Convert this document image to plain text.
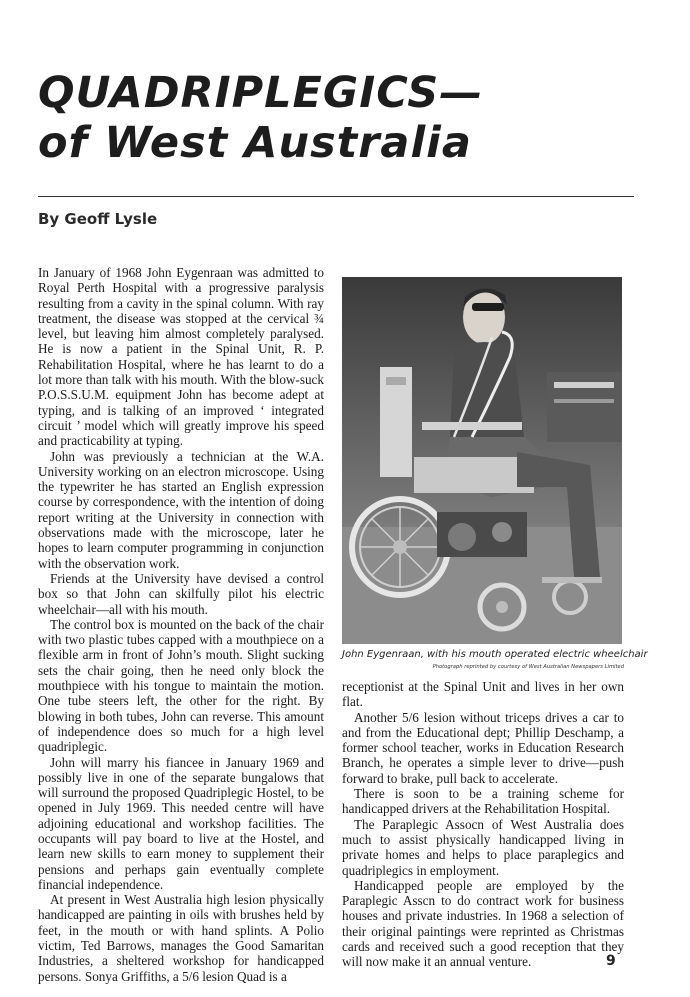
QUADRIPLEGICS—
of West Australia
By Geoff Lysle

In January of 1968 John Eygenraan was admitted to Royal Perth Hospital with a progressive paralysis resulting from a cavity in the spinal column. With ray treatment, the disease was stopped at the cervical ¾ level, but leaving him almost completely paralysed. He is now a patient in the Spinal Unit, R. P. Rehabilitation Hospital, where he has learnt to do a lot more than talk with his mouth. With the blow-suck P.O.S.S.U.M. equipment John has become adept at typing, and is talking of an improved ‘ integrated circuit ’ model which will greatly improve his speed and practicability at typing.

John was previously a technician at the W.A. University working on an electron microscope. Using the typewriter he has started an English expression course by correspondence, with the intention of doing report writing at the University in connection with observations made with the microscope, later he hopes to learn computer programming in conjunction with the observation work.

Friends at the University have devised a control box so that John can skilfully pilot his electric wheelchair—all with his mouth.

The control box is mounted on the back of the chair with two plastic tubes capped with a mouthpiece on a flexible arm in front of John’s mouth. Slight sucking sets the chair going, then he need only block the mouthpiece with his tongue to maintain the motion. One tube steers left, the other for the right. By blowing in both tubes, John can reverse. This amount of independence does so much for a high level quadriplegic.

John will marry his fiancee in January 1969 and possibly live in one of the separate bungalows that will surround the proposed Quadriplegic Hostel, to be opened in July 1969. This needed centre will have adjoining educational and workshop facilities. The occupants will pay board to live at the Hostel, and learn new skills to earn money to supplement their pensions and perhaps gain eventually complete financial independence.

At present in West Australia high lesion physically handicapped are painting in oils with brushes held by feet, in the mouth or with hand splints. A Polio victim, Ted Barrows, manages the Good Samaritan Industries, a sheltered workshop for handicapped persons. Sonya Griffiths, a 5/6 lesion Quad is a

John Eygenraan, with his mouth operated electric wheelchair
Photograph reprinted by courtesy of West Australian Newspapers Limited

receptionist at the Spinal Unit and lives in her own flat.

Another 5/6 lesion without triceps drives a car to and from the Educational dept; Phillip Deschamp, a former school teacher, works in Education Research Branch, he operates a simple lever to drive—push forward to brake, pull back to accelerate.

There is soon to be a training scheme for handicapped drivers at the Rehabilitation Hospital.

The Paraplegic Assocn of West Australia does much to assist physically handicapped living in private homes and helps to place paraplegics and quadriplegics in employment.

Handicapped people are employed by the Paraplegic Asscn to do contract work for business houses and private industries. In 1968 a selection of their original paintings were reprinted as Christmas cards and received such a good reception that they will now make it an annual venture.	9
